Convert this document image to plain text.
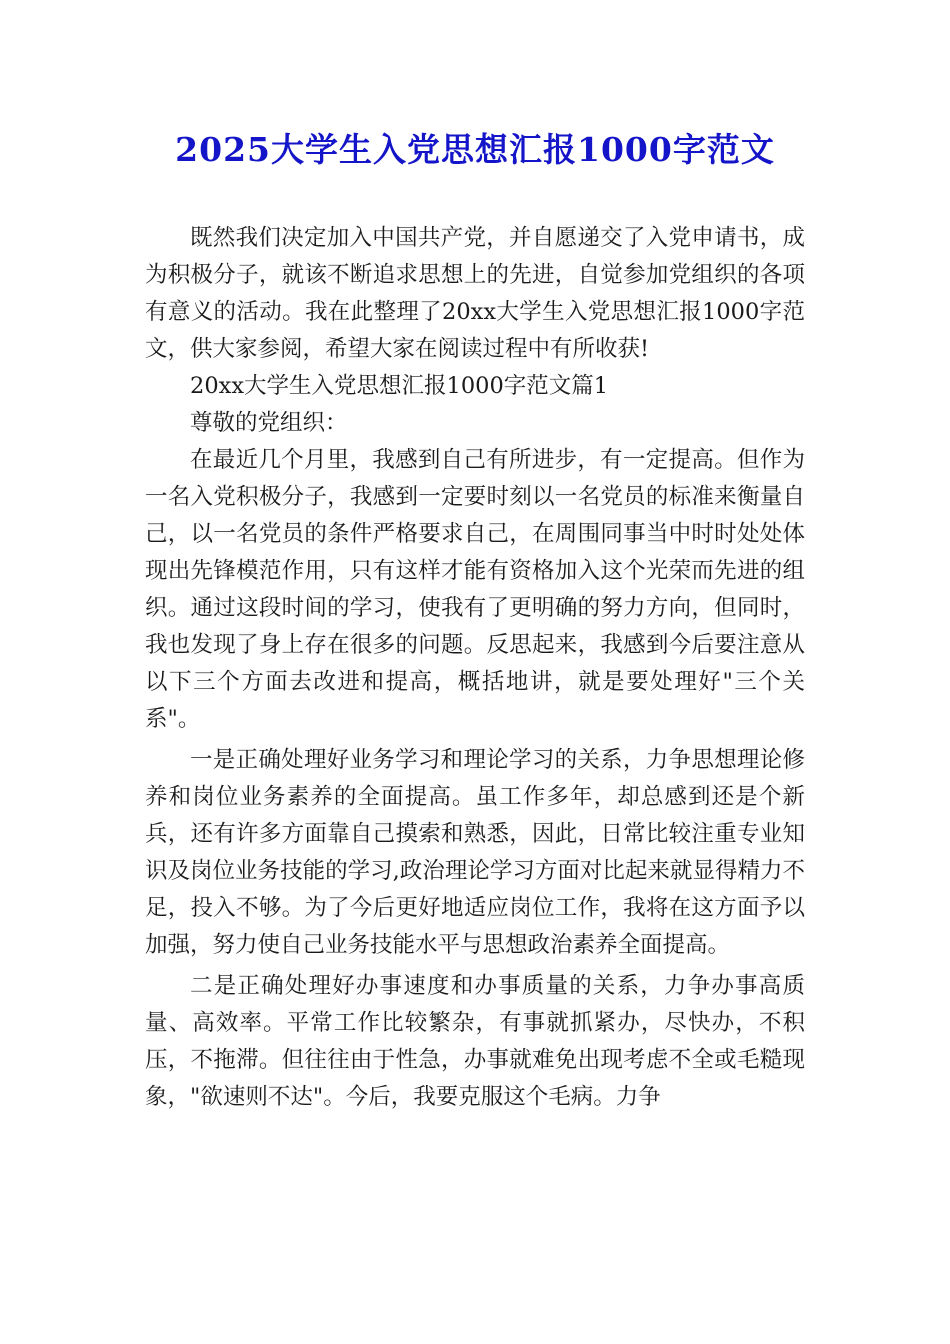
2025大学生入党思想汇报1000字范文

既然我们决定加入中国共产党，并自愿递交了入党申请书，成为积极分子，就该不断追求思想上的先进，自觉参加党组织的各项有意义的活动。我在此整理了20xx大学生入党思想汇报1000字范文，供大家参阅，希望大家在阅读过程中有所收获!

20xx大学生入党思想汇报1000字范文篇1

尊敬的党组织：

在最近几个月里，我感到自己有所进步，有一定提高。但作为一名入党积极分子，我感到一定要时刻以一名党员的标准来衡量自己，以一名党员的条件严格要求自己，在周围同事当中时时处处体现出先锋模范作用，只有这样才能有资格加入这个光荣而先进的组织。通过这段时间的学习，使我有了更明确的努力方向，但同时，我也发现了身上存在很多的问题。反思起来，我感到今后要注意从以下三个方面去改进和提高，概括地讲，就是要处理好"三个关系"。

一是正确处理好业务学习和理论学习的关系，力争思想理论修养和岗位业务素养的全面提高。虽工作多年，却总感到还是个新兵，还有许多方面靠自己摸索和熟悉，因此，日常比较注重专业知识及岗位业务技能的学习,政治理论学习方面对比起来就显得精力不足，投入不够。为了今后更好地适应岗位工作，我将在这方面予以加强，努力使自己业务技能水平与思想政治素养全面提高。

二是正确处理好办事速度和办事质量的关系，力争办事高质量、高效率。平常工作比较繁杂，有事就抓紧办，尽快办，不积压，不拖滞。但往往由于性急，办事就难免出现考虑不全或毛糙现象，"欲速则不达"。今后，我要克服这个毛病。力争
